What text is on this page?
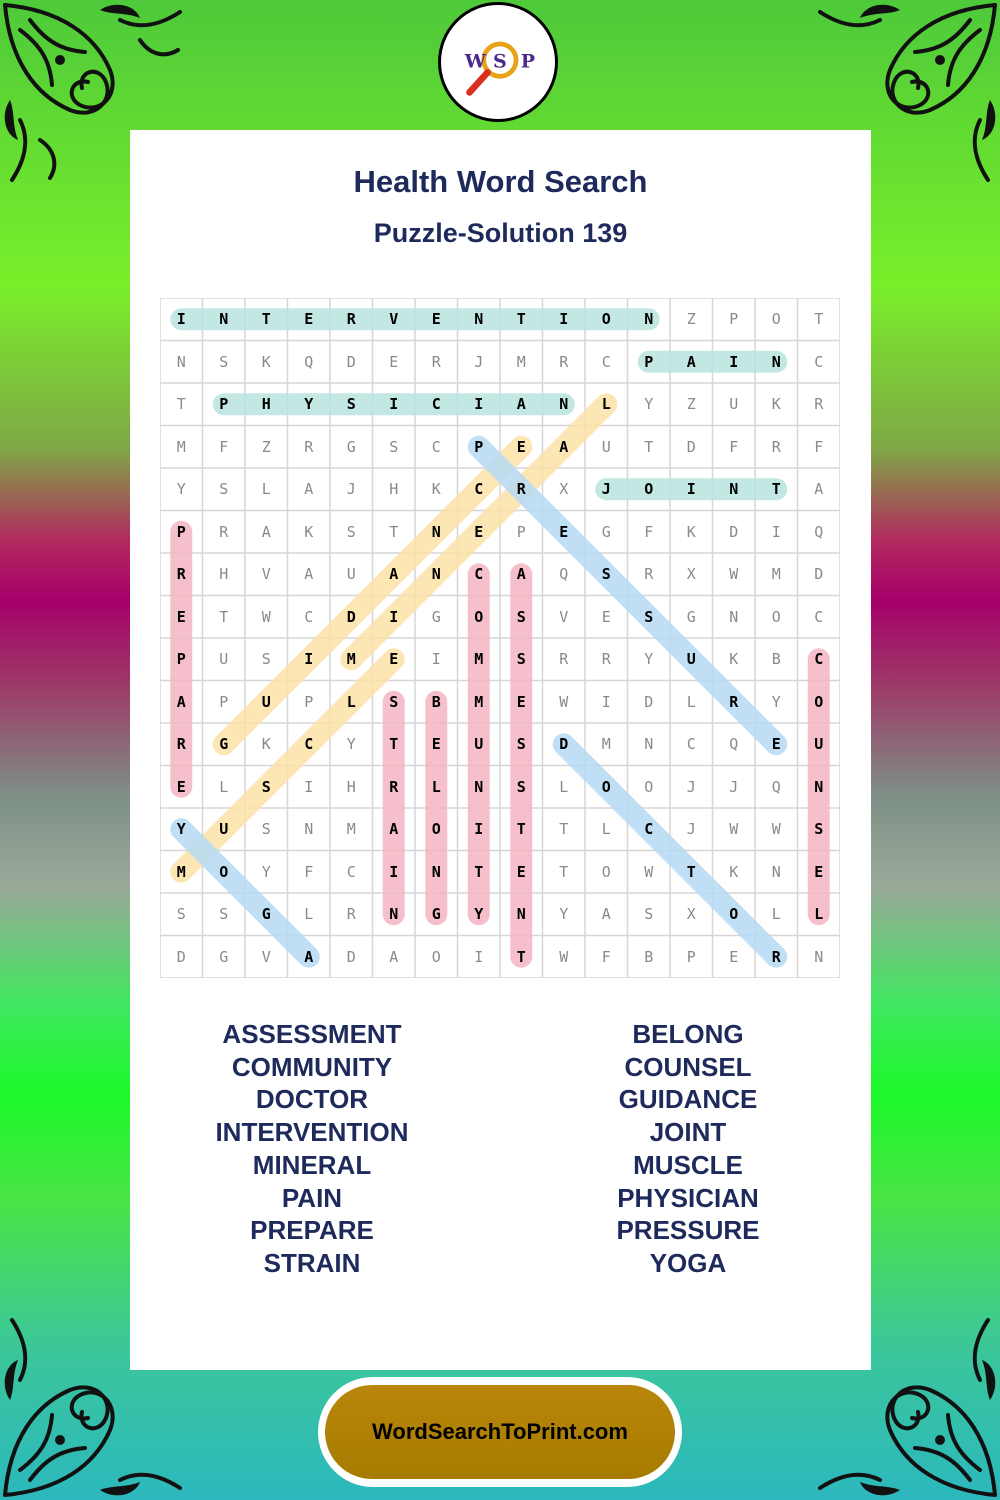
W S P
Health Word Search
Puzzle-Solution 139
I	N	T	E	R	V	E	N	T	I	O	N	Z	P	O	T
N	S	K	Q	D	E	R	J	M	R	C	P	A	I	N	C
T	P	H	Y	S	I	C	I	A	N	L	Y	Z	U	K	R
M	F	Z	R	G	S	C	P	E	A	U	T	D	F	R	F
Y	S	L	A	J	H	K	C	R	X	J	O	I	N	T	A
P	R	A	K	S	T	N	E	P	E	G	F	K	D	I	Q
R	H	V	A	U	A	N	C	A	Q	S	R	X	W	M	D
E	T	W	C	D	I	G	O	S	V	E	S	G	N	O	C
P	U	S	I	M	E	I	M	S	R	R	Y	U	K	B	C
A	P	U	P	L	S	B	M	E	W	I	D	L	R	Y	O
R	G	K	C	Y	T	E	U	S	D	M	N	C	Q	E	U
E	L	S	I	H	R	L	N	S	L	O	O	J	J	Q	N
Y	U	S	N	M	A	O	I	T	T	L	C	J	W	W	S
M	O	Y	F	C	I	N	T	E	T	O	W	T	K	N	E
S	S	G	L	R	N	G	Y	N	Y	A	S	X	O	L	L
D	G	V	A	D	A	O	I	T	W	F	B	P	E	R	N
ASSESSMENT
COMMUNITY
DOCTOR
INTERVENTION
MINERAL
PAIN
PREPARE
STRAIN
BELONG
COUNSEL
GUIDANCE
JOINT
MUSCLE
PHYSICIAN
PRESSURE
YOGA
WordSearchToPrint.com
